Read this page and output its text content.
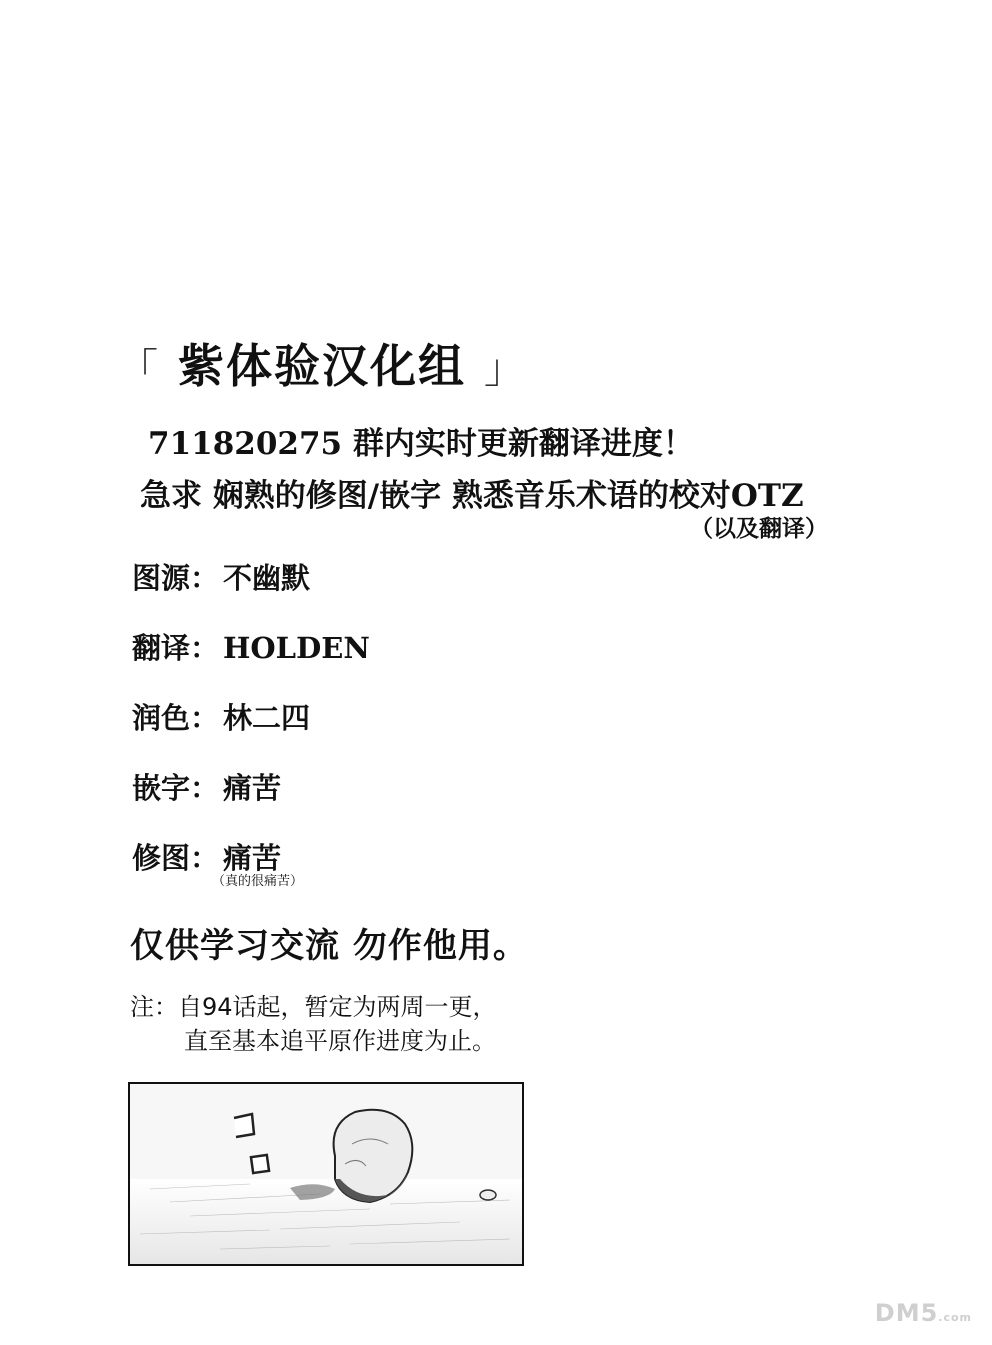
「 紫体验汉化组 」
711820275 群内实时更新翻译进度！
急求 娴熟的修图/嵌字 熟悉音乐术语的校对OTZ
（以及翻译）
图源： 不幽默
翻译： HOLDEN
润色： 林二四
嵌字： 痛苦
修图： 痛苦
（真的很痛苦）
仅供学习交流 勿作他用。
注：自94话起，暂定为两周一更，
直至基本追平原作进度为止。
DM5.com
